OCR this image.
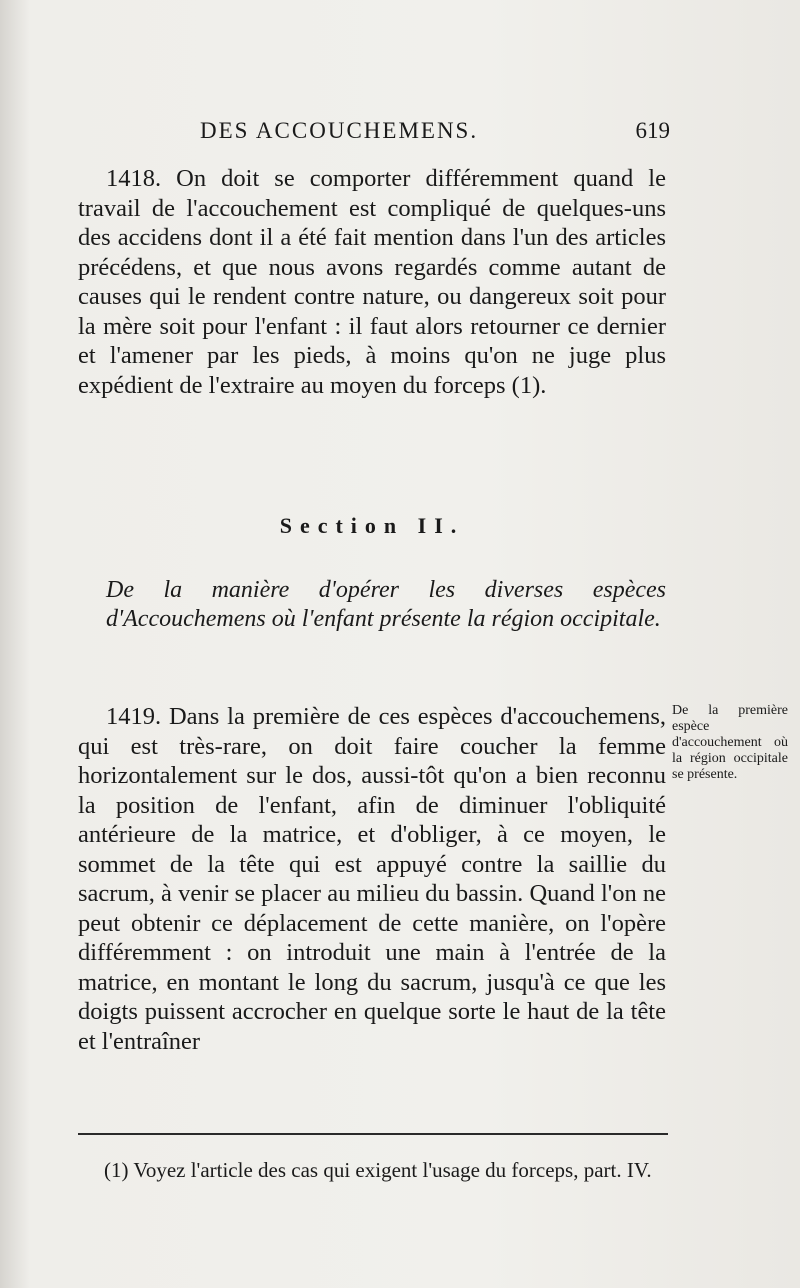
DES ACCOUCHEMENS.	619
1418. On doit se comporter différemment quand le travail de l'accouchement est compliqué de quelques-uns des accidens dont il a été fait mention dans l'un des articles précédens, et que nous avons regardés comme autant de causes qui le rendent contre nature, ou dangereux soit pour la mère soit pour l'enfant : il faut alors retourner ce dernier et l'amener par les pieds, à moins qu'on ne juge plus expédient de l'extraire au moyen du forceps (1).
Section II.
De la manière d'opérer les diverses espèces d'Accouchemens où l'enfant présente la région occipitale.
1419. Dans la première de ces espèces d'accouchemens, qui est très-rare, on doit faire coucher la femme horizontalement sur le dos, aussi-tôt qu'on a bien reconnu la position de l'enfant, afin de diminuer l'obliquité antérieure de la matrice, et d'obliger, à ce moyen, le sommet de la tête qui est appuyé contre la saillie du sacrum, à venir se placer au milieu du bassin. Quand l'on ne peut obtenir ce déplacement de cette manière, on l'opère différemment : on introduit une main à l'entrée de la matrice, en montant le long du sacrum, jusqu'à ce que les doigts puissent accrocher en quelque sorte le haut de la tête et l'entraîner
De la première espèce d'accouchement où la région occipitale se présente.
(1) Voyez l'article des cas qui exigent l'usage du forceps, part. IV.
